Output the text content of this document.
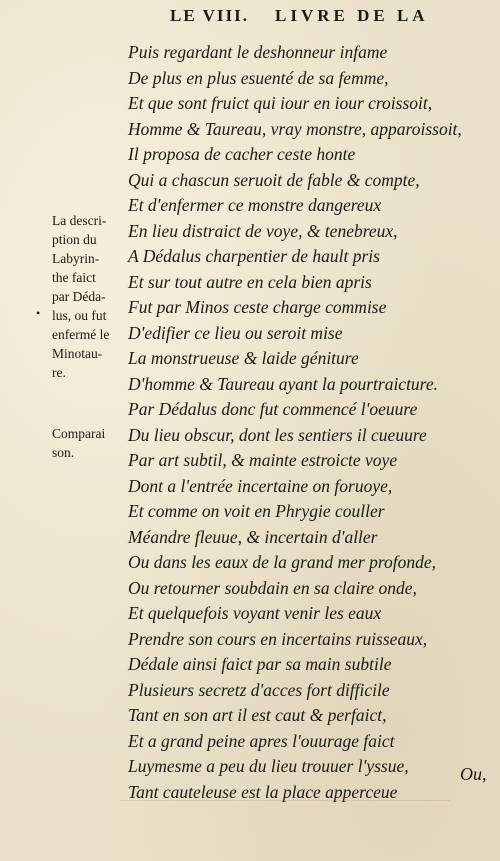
LE VIII. LIVRE DE LA
•
La descri-
ption du
Labyrin-
the faict
par Déda-
lus, ou fut
enfermé le
Minotau-
re.
Comparai
son.
Puis regardant le deshonneur infame
De plus en plus esuenté de sa femme,
Et que sont fruict qui iour en iour croissoit,
Homme & Taureau, vray monstre, apparoissoit,
Il proposa de cacher ceste honte
Qui a chascun seruoit de fable & compte,
Et d'enfermer ce monstre dangereux
En lieu distraict de voye, & tenebreux,
A Dédalus charpentier de hault pris
Et sur tout autre en cela bien apris
Fut par Minos ceste charge commise
D'edifier ce lieu ou seroit mise
La monstrueuse & laide géniture
D'homme & Taureau ayant la pourtraicture.
Par Dédalus donc fut commencé l'oeuure
Du lieu obscur, dont les sentiers il cueuure
Par art subtil, & mainte estroicte voye
Dont a l'entrée incertaine on foruoye,
Et comme on voit en Phrygie couller
Méandre fleuue, & incertain d'aller
Ou dans les eaux de la grand mer profonde,
Ou retourner soubdain en sa claire onde,
Et quelquefois voyant venir les eaux
Prendre son cours en incertains ruisseaux,
Dédale ainsi faict par sa main subtile
Plusieurs secretz d'acces fort difficile
Tant en son art il est caut & perfaict,
Et a grand peine apres l'ouurage faict
Luymesme a peu du lieu trouuer l'yssue,
Tant cauteleuse est la place apperceue
Ou,
